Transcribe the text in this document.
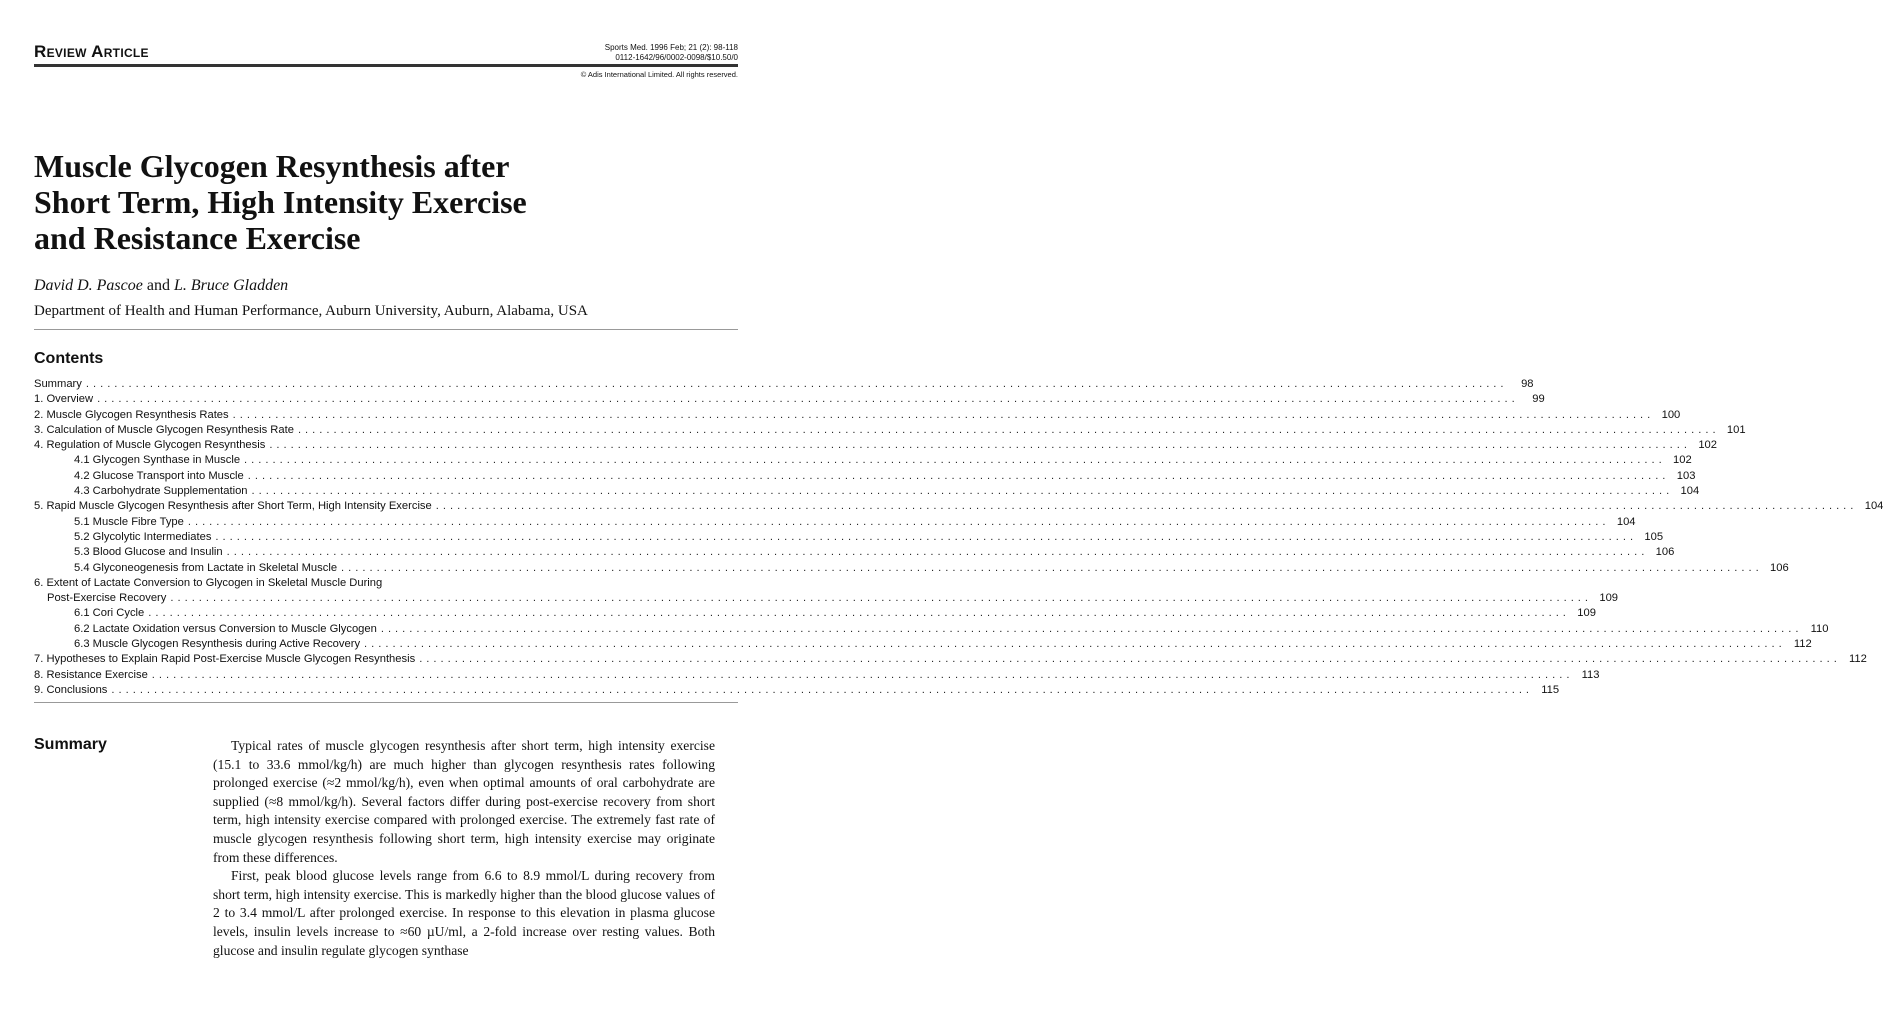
Review Article	Sports Med. 1996 Feb; 21 (2): 98-118
0112-1642/96/0002-0098/$10.50/0
© Adis International Limited. All rights reserved.
Muscle Glycogen Resynthesis after
Short Term, High Intensity Exercise
and Resistance Exercise
David D. Pascoe and L. Bruce Gladden
Department of Health and Human Performance, Auburn University, Auburn, Alabama, USA
Contents
Summary ........................................................................................................................................................................................................	98
1. Overview ........................................................................................................................................................................................................	99
2. Muscle Glycogen Resynthesis Rates ........................................................................................................................................................................................................ 100
3. Calculation of Muscle Glycogen Resynthesis Rate ........................................................................................................................................................................................................ 101
4. Regulation of Muscle Glycogen Resynthesis ........................................................................................................................................................................................................ 102
4.1 Glycogen Synthase in Muscle ........................................................................................................................................................................................................ 102
4.2 Glucose Transport into Muscle ........................................................................................................................................................................................................ 103
4.3 Carbohydrate Supplementation ........................................................................................................................................................................................................ 104
5. Rapid Muscle Glycogen Resynthesis after Short Term, High Intensity Exercise ........................................................................................................................................................................................................ 104
5.1 Muscle Fibre Type ........................................................................................................................................................................................................ 104
5.2 Glycolytic Intermediates ........................................................................................................................................................................................................ 105
5.3 Blood Glucose and Insulin ........................................................................................................................................................................................................ 106
5.4 Glyconeogenesis from Lactate in Skeletal Muscle ........................................................................................................................................................................................................ 106
6. Extent of Lactate Conversion to Glycogen in Skeletal Muscle During
Post-Exercise Recovery ........................................................................................................................................................................................................ 109
6.1 Cori Cycle ........................................................................................................................................................................................................ 109
6.2 Lactate Oxidation versus Conversion to Muscle Glycogen ........................................................................................................................................................................................................ 110
6.3 Muscle Glycogen Resynthesis during Active Recovery ........................................................................................................................................................................................................ 112
7. Hypotheses to Explain Rapid Post-Exercise Muscle Glycogen Resynthesis ........................................................................................................................................................................................................ 112
8. Resistance Exercise ........................................................................................................................................................................................................ 113
9. Conclusions ........................................................................................................................................................................................................ 115
Summary	Typical rates of muscle glycogen resynthesis after short term, high intensity exercise (15.1 to 33.6 mmol/kg/h) are much higher than glycogen resynthesis rates following prolonged exercise (≈2 mmol/kg/h), even when optimal amounts of oral carbohydrate are supplied (≈8 mmol/kg/h). Several factors differ during post-exercise recovery from short term, high intensity exercise compared with prolonged exercise. The extremely fast rate of muscle glycogen resynthesis following short term, high intensity exercise may originate from these differences.

First, peak blood glucose levels range from 6.6 to 8.9 mmol/L during recovery from short term, high intensity exercise. This is markedly higher than the blood glucose values of 2 to 3.4 mmol/L after prolonged exercise. In response to this elevation in plasma glucose levels, insulin levels increase to ≈60 µU/ml, a 2-fold increase over resting values. Both glucose and insulin regulate glycogen synthase
